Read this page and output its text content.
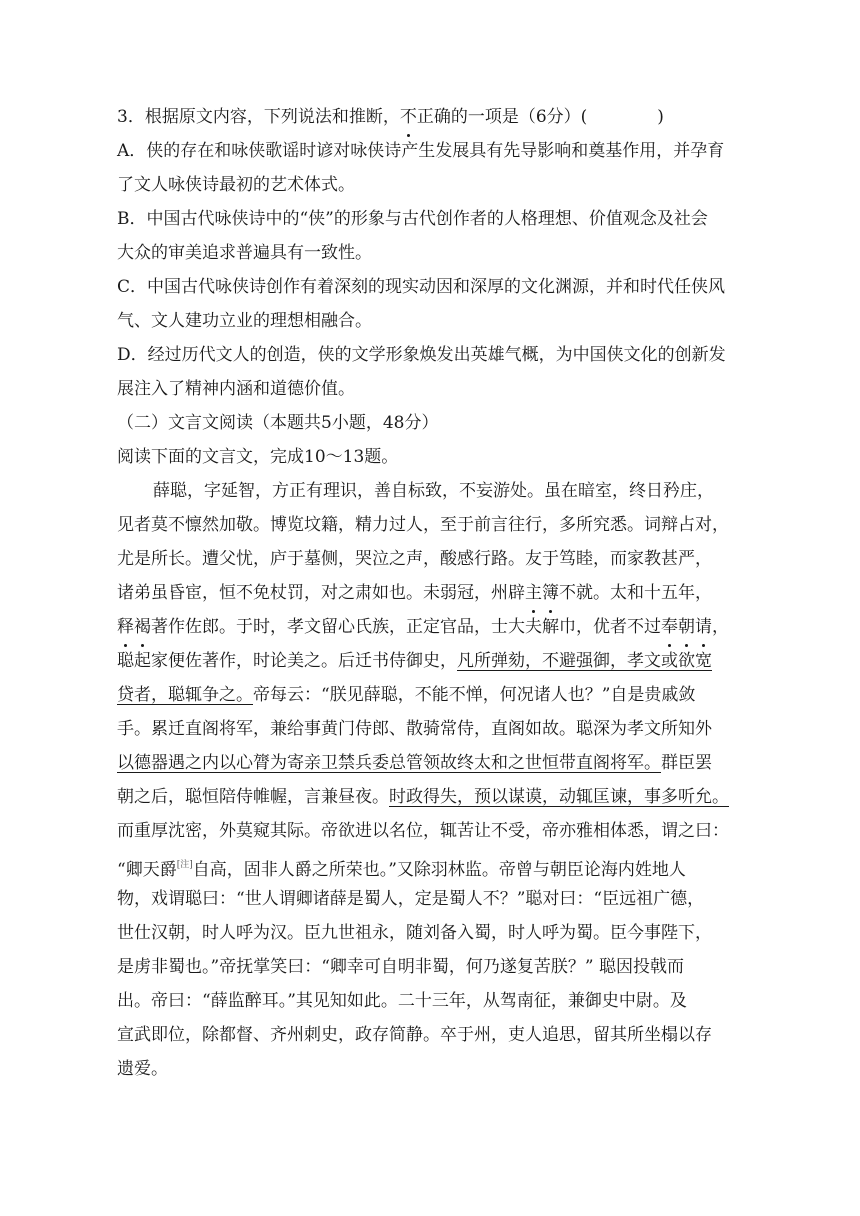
3．根据原文内容，下列说法和推断，不正确的一项是（6分）(	)
A．侠的存在和咏侠歌谣时谚对咏侠诗产生发展具有先导影响和奠基作用，并孕育
了文人咏侠诗最初的艺术体式。
B．中国古代咏侠诗中的“侠”的形象与古代创作者的人格理想、价值观念及社会
大众的审美追求普遍具有一致性。
C．中国古代咏侠诗创作有着深刻的现实动因和深厚的文化渊源，并和时代任侠风
气、文人建功立业的理想相融合。
D．经过历代文人的创造，侠的文学形象焕发出英雄气概，为中国侠文化的创新发
展注入了精神内涵和道德价值。
（二）文言文阅读（本题共5小题，48分）
阅读下面的文言文，完成10～13题。
薛聪，字延智，方正有理识，善自标致，不妄游处。虽在暗室，终日矜庄，
见者莫不懔然加敬。博览坟籍，精力过人，至于前言往行，多所究悉。词辩占对，
尤是所长。遭父忧，庐于墓侧，哭泣之声，酸感行路。友于笃睦，而家教甚严，
诸弟虽昏宦，恒不免杖罚，对之肃如也。未弱冠，州辟主簿不就。太和十五年，
释褐著作佐郎。于时，孝文留心氏族，正定官品，士大夫解巾，优者不过奉朝请，
聪起家便佐著作，时论美之。后迁书侍御史，凡所弹劾，不避强御，孝文或欲宽
贷者，聪辄争之。帝每云：“朕见薛聪，不能不惮，何况诸人也？”自是贵戚敛
手。累迁直阁将军，兼给事黄门侍郎、散骑常侍，直阁如故。聪深为孝文所知外
以德器遇之内以心膂为寄亲卫禁兵委总管领故终太和之世恒带直阁将军。群臣罢
朝之后，聪恒陪侍帷幄，言兼昼夜。时政得失，预以谋谟，动辄匡谏，事多听允。
而重厚沈密，外莫窥其际。帝欲进以名位，辄苦让不受，帝亦雅相体悉，谓之曰：
“卿天爵[注]自高，固非人爵之所荣也。”又除羽林监。帝曾与朝臣论海内姓地人
物，戏谓聪曰：“世人谓卿诸薛是蜀人，定是蜀人不？”聪对曰：“臣远祖广德，
世仕汉朝，时人呼为汉。臣九世祖永，随刘备入蜀，时人呼为蜀。臣今事陛下，
是虏非蜀也。”帝抚掌笑曰：“卿幸可自明非蜀，何乃遂复苦朕？” 聪因投戟而
出。帝曰：“薛监醉耳。”其见知如此。二十三年，从驾南征，兼御史中尉。及
宣武即位，除都督、齐州刺史，政存简静。卒于州，吏人追思，留其所坐榻以存
遗爱。
